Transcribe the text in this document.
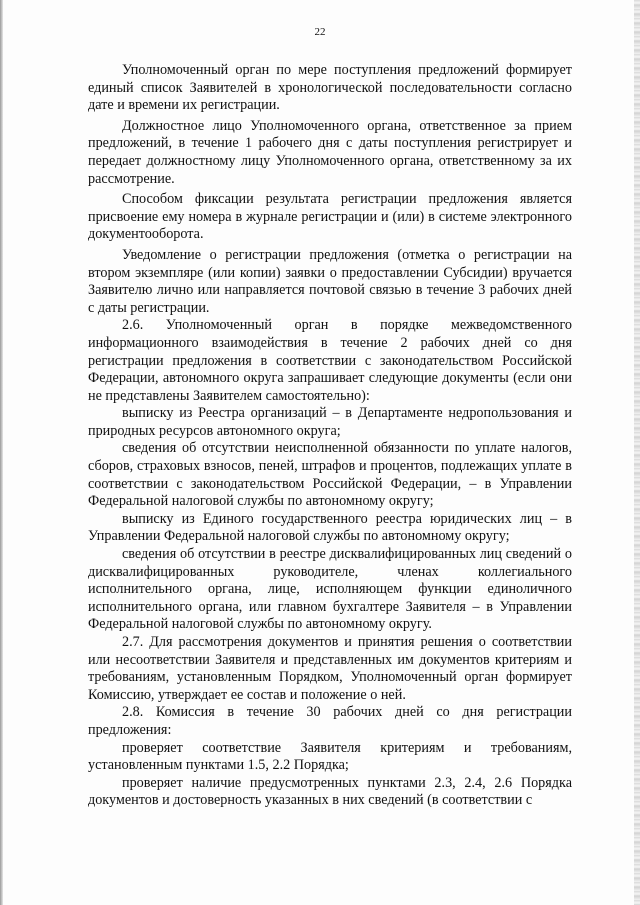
22

Уполномоченный орган по мере поступления предложений формирует единый список Заявителей в хронологической последовательности согласно дате и времени их регистрации.

Должностное лицо Уполномоченного органа, ответственное за прием предложений, в течение 1 рабочего дня с даты поступления регистрирует и передает должностному лицу Уполномоченного органа, ответственному за их рассмотрение.

Способом фиксации результата регистрации предложения является присвоение ему номера в журнале регистрации и (или) в системе электронного документооборота.

Уведомление о регистрации предложения (отметка о регистрации на втором экземпляре (или копии) заявки о предоставлении Субсидии) вручается Заявителю лично или направляется почтовой связью в течение 3 рабочих дней с даты регистрации.

2.6. Уполномоченный орган в порядке межведомственного информационного взаимодействия в течение 2 рабочих дней со дня регистрации предложения в соответствии с законодательством Российской Федерации, автономного округа запрашивает следующие документы (если они не представлены Заявителем самостоятельно):

выписку из Реестра организаций – в Департаменте недропользования и природных ресурсов автономного округа;

сведения об отсутствии неисполненной обязанности по уплате налогов, сборов, страховых взносов, пеней, штрафов и процентов, подлежащих уплате в соответствии с законодательством Российской Федерации, – в Управлении Федеральной налоговой службы по автономному округу;

выписку из Единого государственного реестра юридических лиц – в Управлении Федеральной налоговой службы по автономному округу;

сведения об отсутствии в реестре дисквалифицированных лиц сведений о дисквалифицированных руководителе, членах коллегиального исполнительного органа, лице, исполняющем функции единоличного исполнительного органа, или главном бухгалтере Заявителя – в Управлении Федеральной налоговой службы по автономному округу.

2.7. Для рассмотрения документов и принятия решения о соответствии или несоответствии Заявителя и представленных им документов критериям и требованиям, установленным Порядком, Уполномоченный орган формирует Комиссию, утверждает ее состав и положение о ней.

2.8. Комиссия в течение 30 рабочих дней со дня регистрации предложения:

проверяет соответствие Заявителя критериям и требованиям, установленным пунктами 1.5, 2.2 Порядка;

проверяет наличие предусмотренных пунктами 2.3, 2.4, 2.6 Порядка документов и достоверность указанных в них сведений (в соответствии с
